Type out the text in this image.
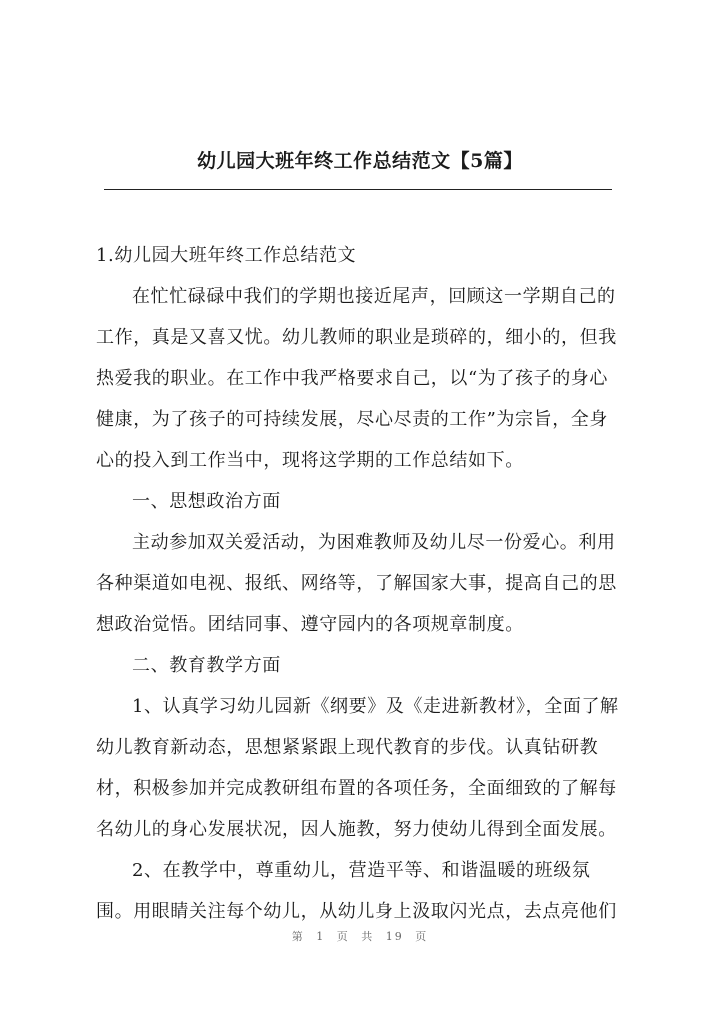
幼儿园大班年终工作总结范文【5篇】
1.幼儿园大班年终工作总结范文
在忙忙碌碌中我们的学期也接近尾声，回顾这一学期自己的
工作，真是又喜又忧。幼儿教师的职业是琐碎的，细小的，但我
热爱我的职业。在工作中我严格要求自己，以“为了孩子的身心
健康，为了孩子的可持续发展，尽心尽责的工作”为宗旨，全身
心的投入到工作当中，现将这学期的工作总结如下。
一、思想政治方面
主动参加双关爱活动，为困难教师及幼儿尽一份爱心。利用
各种渠道如电视、报纸、网络等，了解国家大事，提高自己的思
想政治觉悟。团结同事、遵守园内的各项规章制度。
二、教育教学方面
1、认真学习幼儿园新《纲要》及《走进新教材》，全面了解
幼儿教育新动态，思想紧紧跟上现代教育的步伐。认真钻研教
材，积极参加并完成教研组布置的各项任务，全面细致的了解每
名幼儿的身心发展状况，因人施教，努力使幼儿得到全面发展。
2、在教学中，尊重幼儿，营造平等、和谐温暖的班级氛
围。用眼睛关注每个幼儿，从幼儿身上汲取闪光点，去点亮他们
第 1 页 共 19 页
